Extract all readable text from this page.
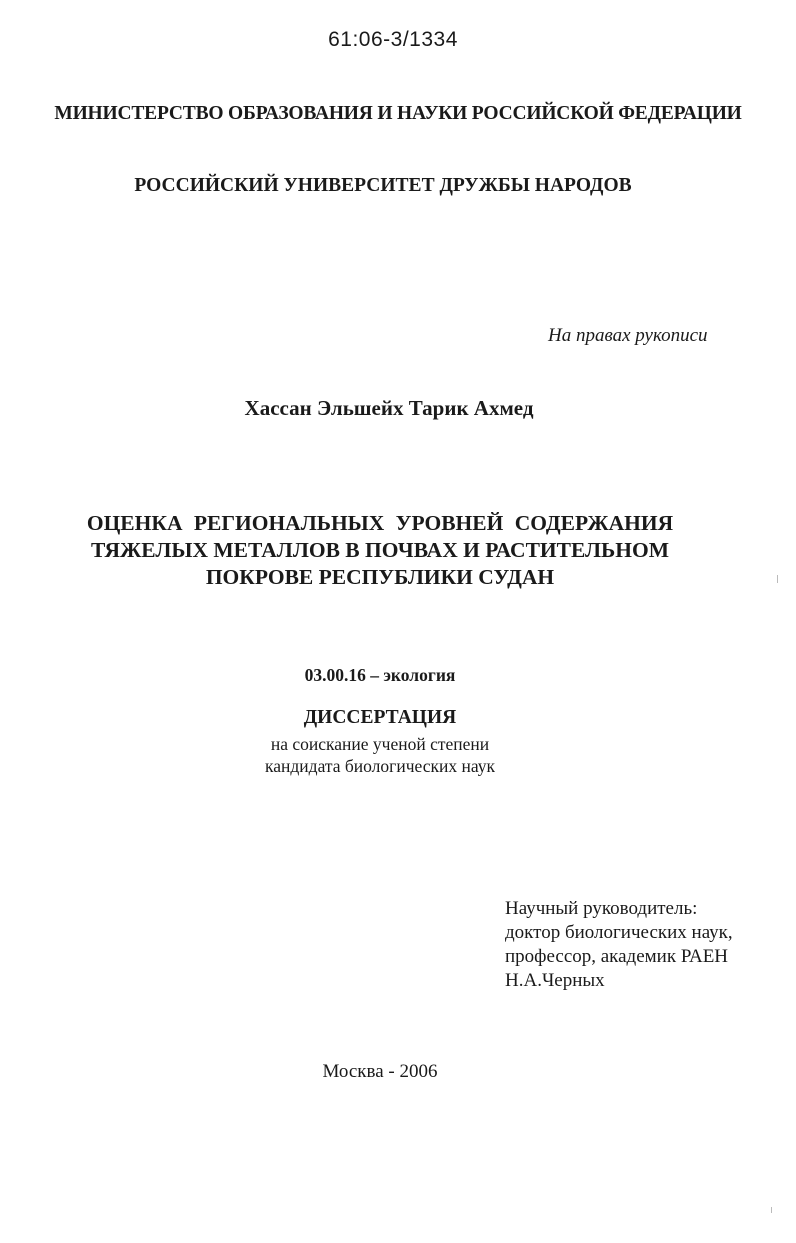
61:06-3/1334
МИНИСТЕРСТВО ОБРАЗОВАНИЯ И НАУКИ РОССИЙСКОЙ ФЕДЕРАЦИИ
РОССИЙСКИЙ УНИВЕРСИТЕТ ДРУЖБЫ НАРОДОВ
На правах рукописи
Хассан Эльшейх Тарик Ахмед
ОЦЕНКА РЕГИОНАЛЬНЫХ УРОВНЕЙ СОДЕРЖАНИЯ
ТЯЖЕЛЫХ МЕТАЛЛОВ В ПОЧВАХ И РАСТИТЕЛЬНОМ
ПОКРОВЕ РЕСПУБЛИКИ СУДАН
03.00.16 – экология
ДИССЕРТАЦИЯ
на соискание ученой степени
кандидата биологических наук
Научный руководитель:
доктор биологических наук,
профессор, академик РАЕН
Н.А.Черных
Москва - 2006
